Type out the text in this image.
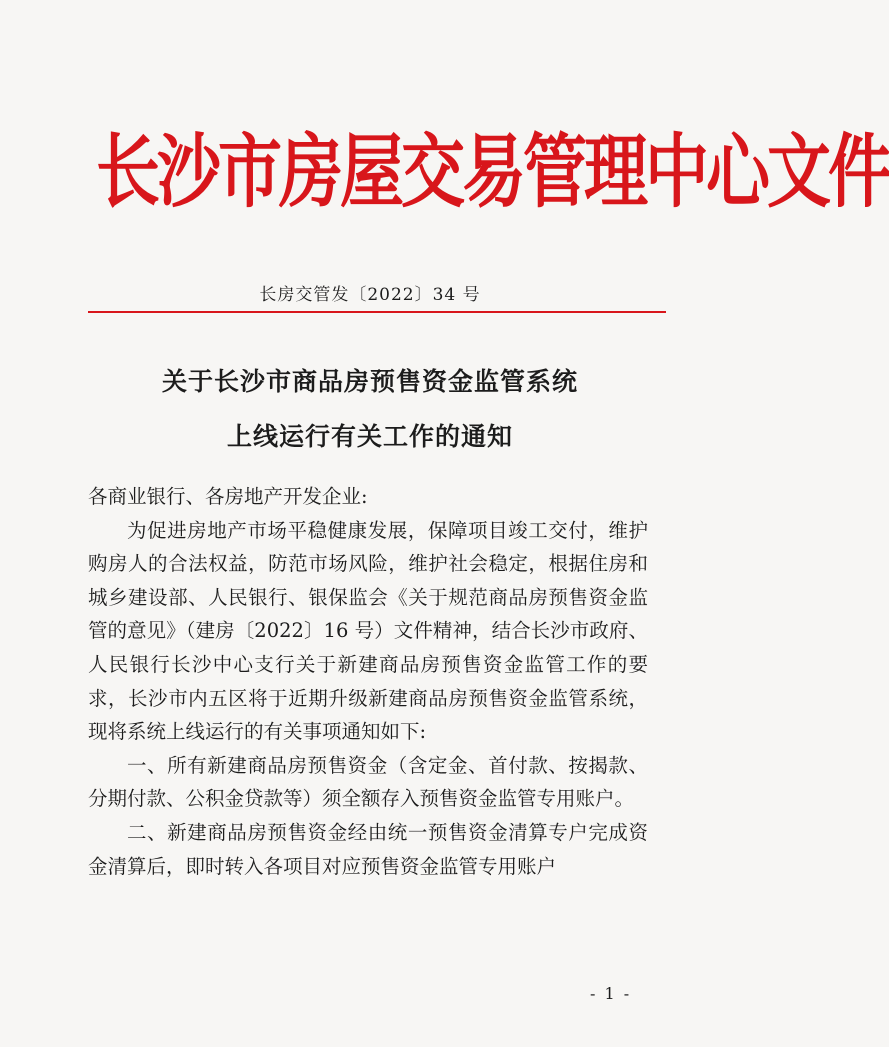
长沙市房屋交易管理中心文件
长房交管发〔2022〕34 号
关于长沙市商品房预售资金监管系统
上线运行有关工作的通知

各商业银行、各房地产开发企业:

为促进房地产市场平稳健康发展，保障项目竣工交付，维护购房人的合法权益，防范市场风险，维护社会稳定，根据住房和城乡建设部、人民银行、银保监会《关于规范商品房预售资金监管的意见》（建房〔2022〕16 号）文件精神，结合长沙市政府、人民银行长沙中心支行关于新建商品房预售资金监管工作的要求，长沙市内五区将于近期升级新建商品房预售资金监管系统，现将系统上线运行的有关事项通知如下:

一、所有新建商品房预售资金（含定金、首付款、按揭款、分期付款、公积金贷款等）须全额存入预售资金监管专用账户。

二、新建商品房预售资金经由统一预售资金清算专户完成资金清算后，即时转入各项目对应预售资金监管专用账户

- 1 -
